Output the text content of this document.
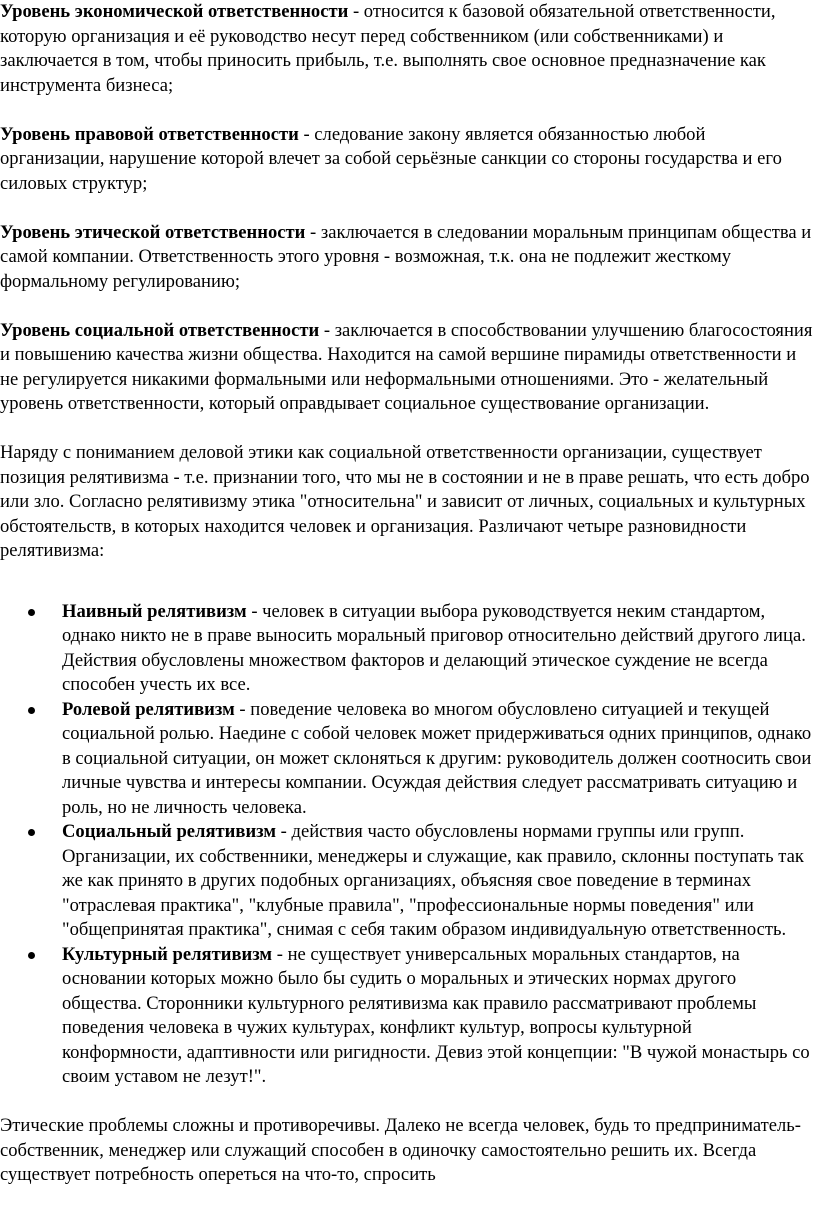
Уровень экономической ответственности - относится к базовой обязательной ответственности, которую организация и её руководство несут перед собственником (или собственниками) и заключается в том, чтобы приносить прибыль, т.е. выполнять свое основное предназначение как инструмента бизнеса;

Уровень правовой ответственности - следование закону является обязанностью любой организации, нарушение которой влечет за собой серьёзные санкции со стороны государства и его силовых структур;

Уровень этической ответственности - заключается в следовании моральным принципам общества и самой компании. Ответственность этого уровня - возможная, т.к. она не подлежит жесткому формальному регулированию;

Уровень социальной ответственности - заключается в способствовании улучшению благосостояния и повышению качества жизни общества. Находится на самой вершине пирамиды ответственности и не регулируется никакими формальными или неформальными отношениями. Это - желательный уровень ответственности, который оправдывает социальное существование организации.

Наряду с пониманием деловой этики как социальной ответственности организации, существует позиция релятивизма - т.е. признании того, что мы не в состоянии и не в праве решать, что есть добро или зло. Согласно релятивизму этика "относительна" и зависит от личных, социальных и культурных обстоятельств, в которых находится человек и организация. Различают четыре разновидности релятивизма:

Наивный релятивизм - человек в ситуации выбора руководствуется неким стандартом, однако никто не в праве выносить моральный приговор относительно действий другого лица. Действия обусловлены множеством факторов и делающий этическое суждение не всегда способен учесть их все.
Ролевой релятивизм - поведение человека во многом обусловлено ситуацией и текущей социальной ролью. Наедине с собой человек может придерживаться одних принципов, однако в социальной ситуации, он может склоняться к другим: руководитель должен соотносить свои личные чувства и интересы компании. Осуждая действия следует рассматривать ситуацию и роль, но не личность человека.
Социальный релятивизм - действия часто обусловлены нормами группы или групп. Организации, их собственники, менеджеры и служащие, как правило, склонны поступать так же как принято в других подобных организациях, объясняя свое поведение в терминах "отраслевая практика", "клубные правила", "профессиональные нормы поведения" или "общепринятая практика", снимая с себя таким образом индивидуальную ответственность.
Культурный релятивизм - не существует универсальных моральных стандартов, на основании которых можно было бы судить о моральных и этических нормах другого общества. Сторонники культурного релятивизма как правило рассматривают проблемы поведения человека в чужих культурах, конфликт культур, вопросы культурной конформности, адаптивности или ригидности. Девиз этой концепции: "В чужой монастырь со своим уставом не лезут!".

Этические проблемы сложны и противоречивы. Далеко не всегда человек, будь то предприниматель-собственник, менеджер или служащий способен в одиночку самостоятельно решить их. Всегда существует потребность опереться на что-то, спросить
